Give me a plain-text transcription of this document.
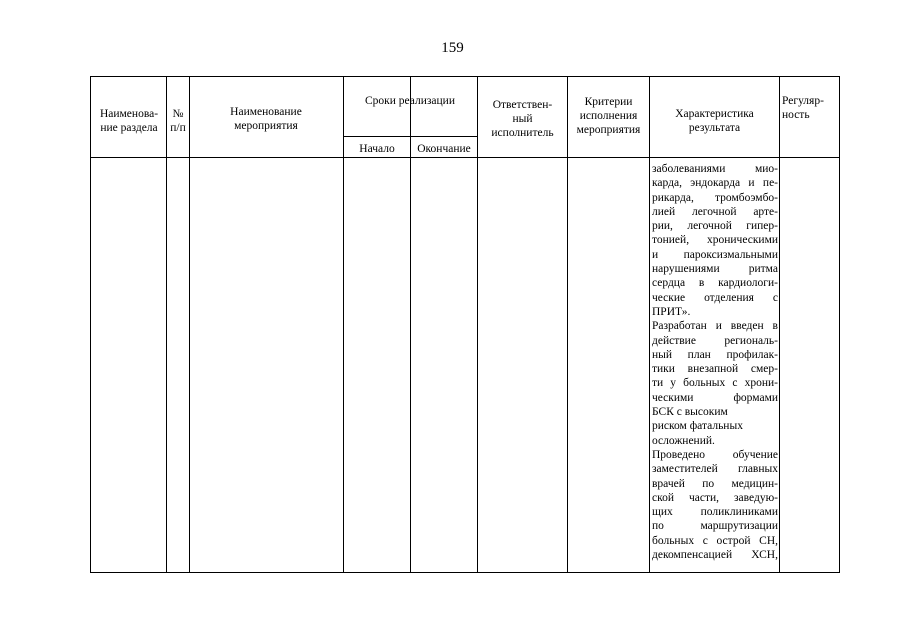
159
Наименова-
ние раздела
№
п/п
Наименование
мероприятия
Сроки реализации
Начало	Окончание
Ответствен-
ный
исполнитель
Критерии
исполнения
мероприятия
Характеристика
результата
Регуляр-
ность
заболеваниями мио-
карда, эндокарда и пе-
рикарда, тромбоэмбо-
лией легочной арте-
рии, легочной гипер-
тонией, хроническими
и пароксизмальными
нарушениями ритма
сердца в кардиологи-
ческие отделения с
ПРИТ».
Разработан и введен в
действие региональ-
ный план профилак-
тики внезапной смер-
ти у больных с хрони-
ческими формами
БСК с высоким
риском фатальных
осложнений.
Проведено обучение
заместителей главных
врачей по медицин-
ской части, заведую-
щих поликлиниками
по маршрутизации
больных с острой СН,
декомпенсацией ХСН,
